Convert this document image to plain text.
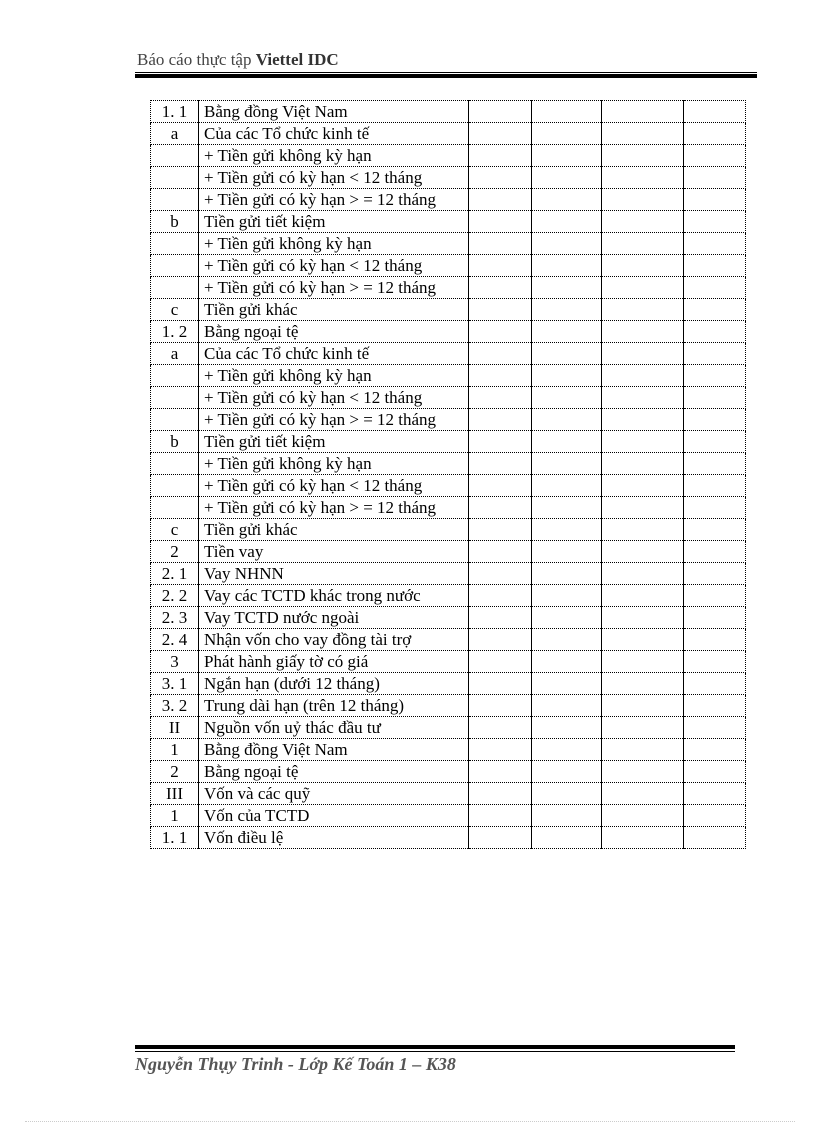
Báo cáo thực tập Viettel IDC
1. 1	Bằng đồng Việt Nam				
a	Của các Tổ chức kinh tế				
	+ Tiền gửi không kỳ hạn				
	+ Tiền gửi có kỳ hạn < 12 tháng				
	+ Tiền gửi có kỳ hạn > = 12 tháng				
b	Tiền gửi tiết kiệm				
	+ Tiền gửi không kỳ hạn				
	+ Tiền gửi có kỳ hạn < 12 tháng				
	+ Tiền gửi có kỳ hạn > = 12 tháng				
c	Tiền gửi khác				
1. 2	Bằng ngoại tệ				
a	Của các Tổ chức kinh tế				
	+ Tiền gửi không kỳ hạn				
	+ Tiền gửi có kỳ hạn < 12 tháng				
	+ Tiền gửi có kỳ hạn > = 12 tháng				
b	Tiền gửi tiết kiệm				
	+ Tiền gửi không kỳ hạn				
	+ Tiền gửi có kỳ hạn < 12 tháng				
	+ Tiền gửi có kỳ hạn > = 12 tháng				
c	Tiền gửi khác				
2	Tiền vay				
2. 1	Vay NHNN				
2. 2	Vay các TCTD khác trong nước				
2. 3	Vay TCTD nước ngoài				
2. 4	Nhận vốn cho vay đồng tài trợ				
3	Phát hành giấy tờ có giá				
3. 1	Ngắn hạn (dưới 12 tháng)				
3. 2	Trung dài hạn (trên 12 tháng)				
II	Nguồn vốn uỷ thác đầu tư				
1	Bằng đồng Việt Nam				
2	Bằng ngoại tệ				
III	Vốn và các quỹ				
1	Vốn của TCTD				
1. 1	Vốn điều lệ				
Nguyễn Thụy Trinh - Lớp Kế Toán 1 – K38
